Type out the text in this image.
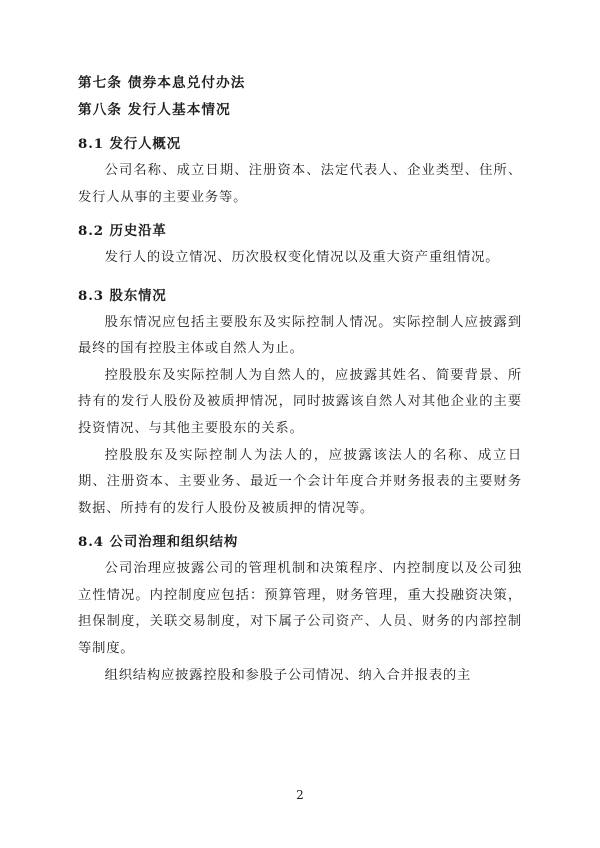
第七条 债券本息兑付办法
第八条 发行人基本情况
8.1 发行人概况
公司名称、成立日期、注册资本、法定代表人、企业类型、住所、发行人从事的主要业务等。
8.2 历史沿革
发行人的设立情况、历次股权变化情况以及重大资产重组情况。
8.3 股东情况
股东情况应包括主要股东及实际控制人情况。实际控制人应披露到最终的国有控股主体或自然人为止。
控股股东及实际控制人为自然人的，应披露其姓名、简要背景、所持有的发行人股份及被质押情况，同时披露该自然人对其他企业的主要投资情况、与其他主要股东的关系。
控股股东及实际控制人为法人的，应披露该法人的名称、成立日期、注册资本、主要业务、最近一个会计年度合并财务报表的主要财务数据、所持有的发行人股份及被质押的情况等。
8.4 公司治理和组织结构
公司治理应披露公司的管理机制和决策程序、内控制度以及公司独立性情况。内控制度应包括：预算管理，财务管理，重大投融资决策，担保制度，关联交易制度，对下属子公司资产、人员、财务的内部控制等制度。
组织结构应披露控股和参股子公司情况、纳入合并报表的主
2
